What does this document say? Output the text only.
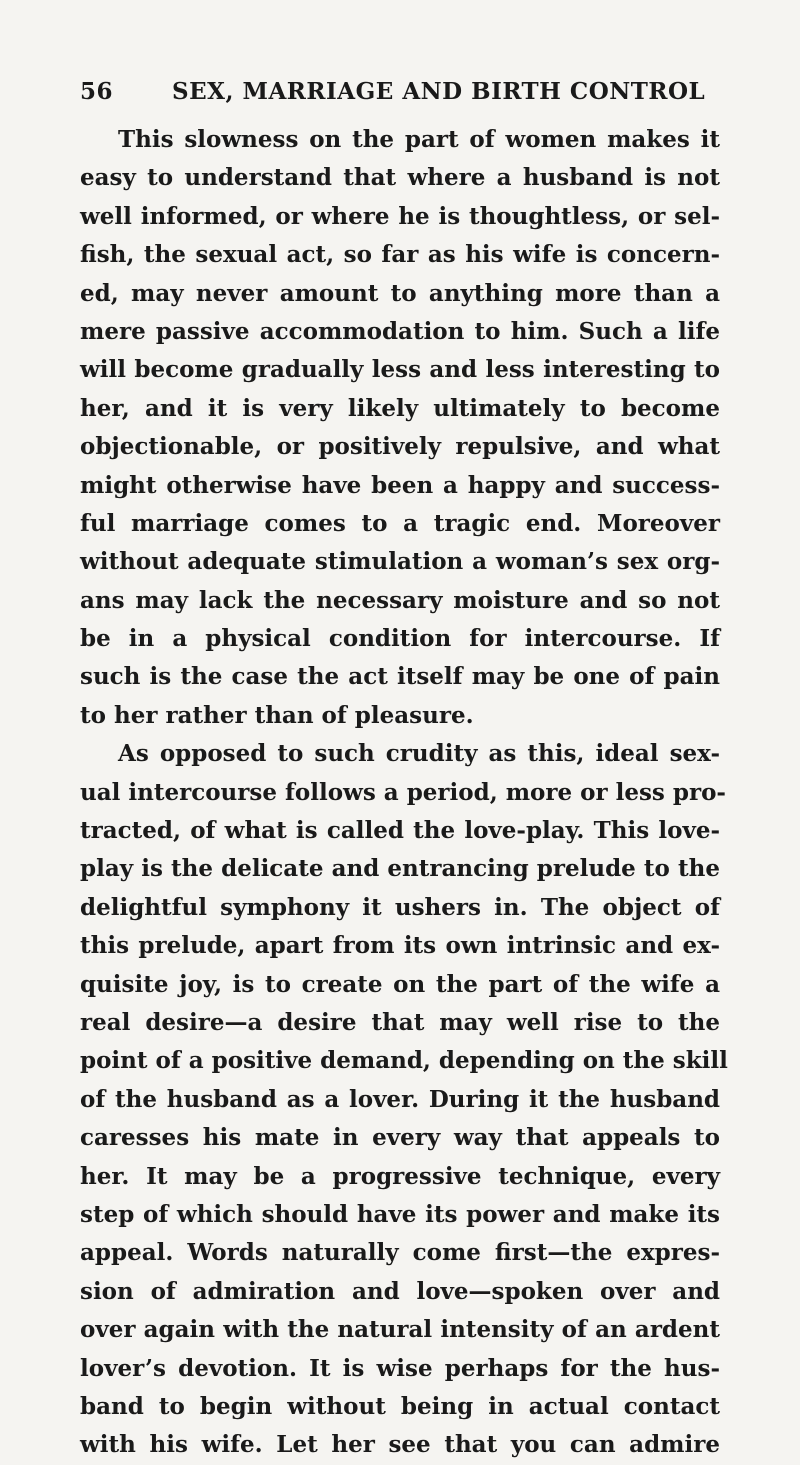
56	SEX, MARRIAGE AND BIRTH CONTROL
This slowness on the part of women makes it
easy to understand that where a husband is not
well informed, or where he is thoughtless, or sel-
fish, the sexual act, so far as his wife is concern-
ed, may never amount to anything more than a
mere passive accommodation to him. Such a life
will become gradually less and less interesting to
her, and it is very likely ultimately to become
objectionable, or positively repulsive, and what
might otherwise have been a happy and success-
ful marriage comes to a tragic end. Moreover
without adequate stimulation a woman’s sex org-
ans may lack the necessary moisture and so not
be in a physical condition for intercourse. If
such is the case the act itself may be one of pain
to her rather than of pleasure.
As opposed to such crudity as this, ideal sex-
ual intercourse follows a period, more or less pro-
tracted, of what is called the love-play. This love-
play is the delicate and entrancing prelude to the
delightful symphony it ushers in. The object of
this prelude, apart from its own intrinsic and ex-
quisite joy, is to create on the part of the wife a
real desire—a desire that may well rise to the
point of a positive demand, depending on the skill
of the husband as a lover. During it the husband
caresses his mate in every way that appeals to
her. It may be a progressive technique, every
step of which should have its power and make its
appeal. Words naturally come first—the expres-
sion of admiration and love—spoken over and
over again with the natural intensity of an ardent
lover’s devotion. It is wise perhaps for the hus-
band to begin without being in actual contact
with his wife. Let her see that you can admire
